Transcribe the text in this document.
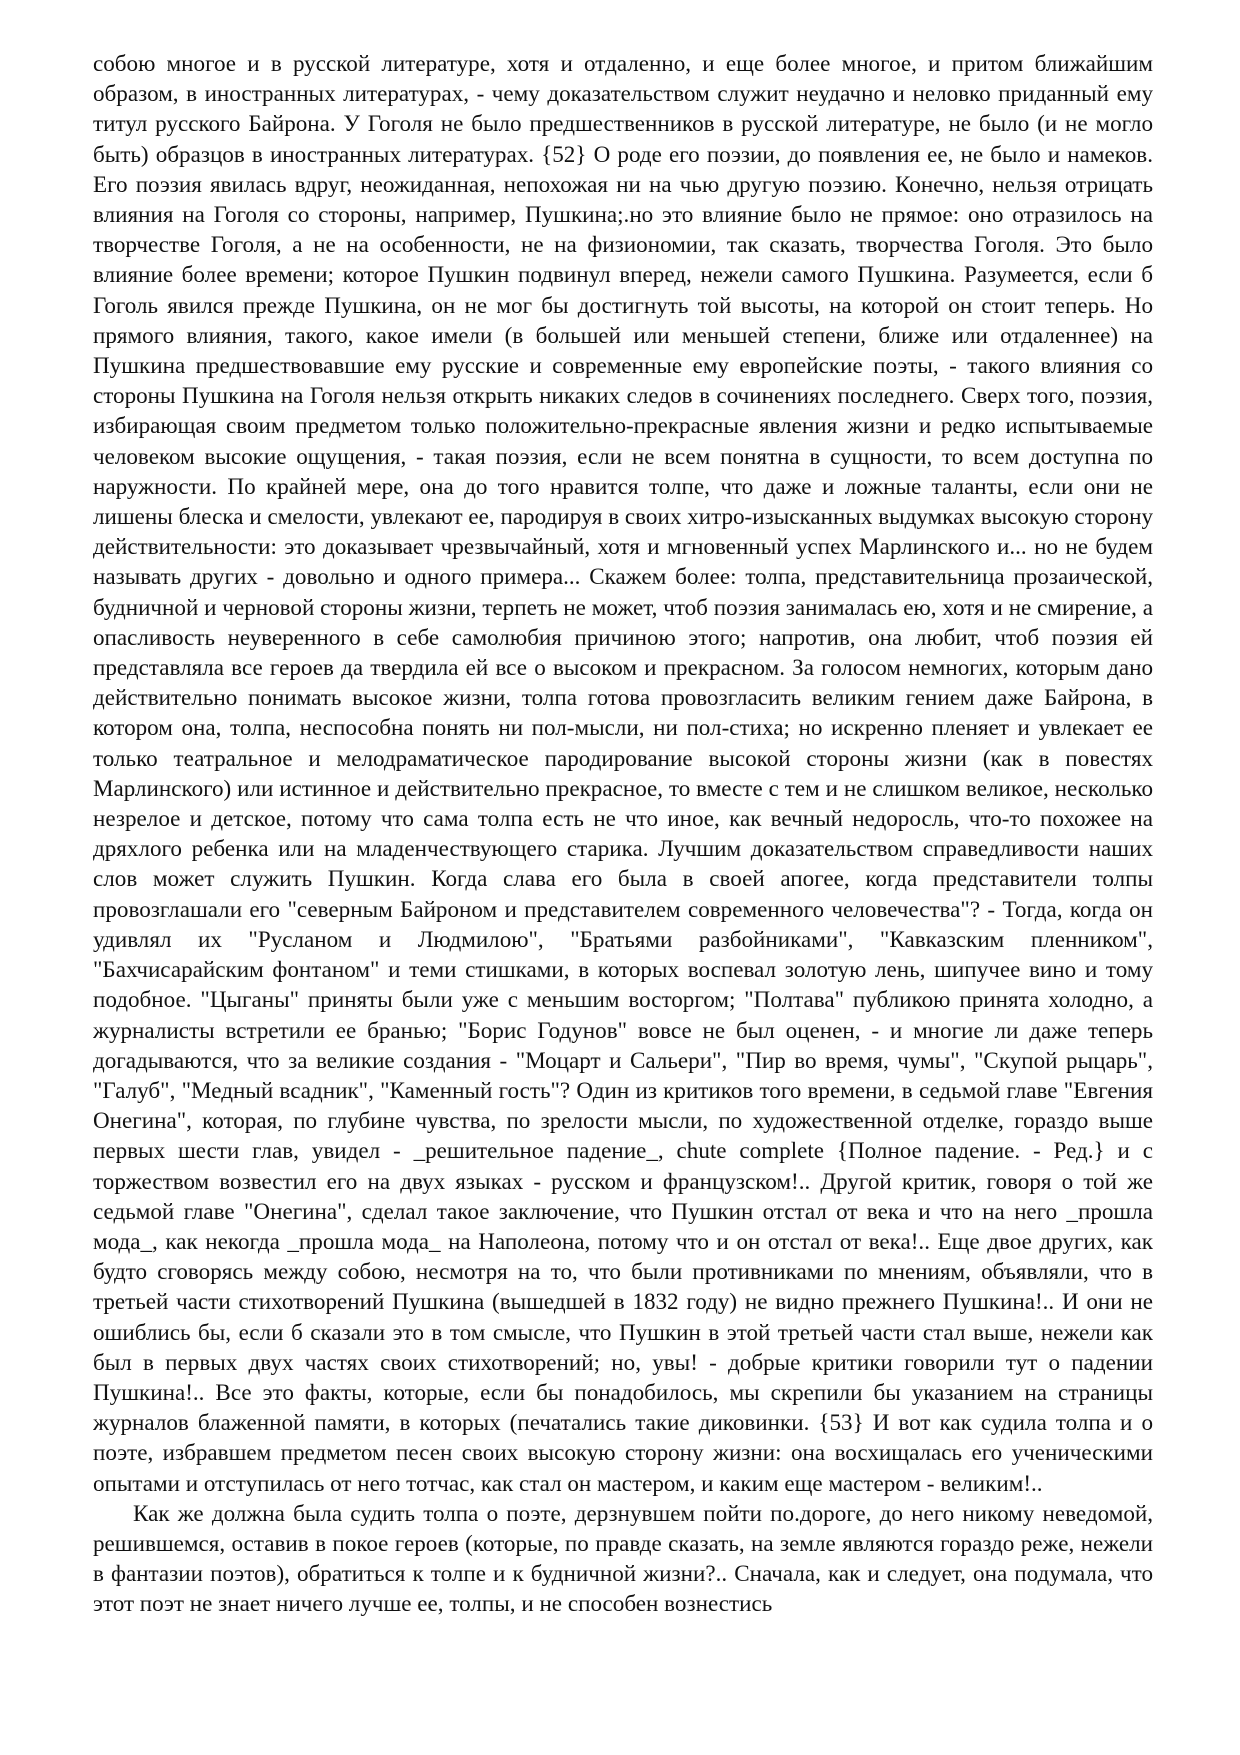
собою многое и в русской литературе, хотя и отдаленно, и еще более многое, и притом ближайшим образом, в иностранных литературах, - чему доказательством служит неудачно и неловко приданный ему титул русского Байрона. У Гоголя не было предшественников в русской литературе, не было (и не могло быть) образцов в иностранных литературах. {52} О роде его поэзии, до появления ее, не было и намеков. Его поэзия явилась вдруг, неожиданная, непохожая ни на чью другую поэзию. Конечно, нельзя отрицать влияния на Гоголя со стороны, например, Пушкина;.но это влияние было не прямое: оно отразилось на творчестве Гоголя, а не на особенности, не на физиономии, так сказать, творчества Гоголя. Это было влияние более времени; которое Пушкин подвинул вперед, нежели самого Пушкина. Разумеется, если б Гоголь явился прежде Пушкина, он не мог бы достигнуть той высоты, на которой он стоит теперь. Но прямого влияния, такого, какое имели (в большей или меньшей степени, ближе или отдаленнее) на Пушкина предшествовавшие ему русские и современные ему европейские поэты, - такого влияния со стороны Пушкина на Гоголя нельзя открыть никаких следов в сочинениях последнего. Сверх того, поэзия, избирающая своим предметом только положительно-прекрасные явления жизни и редко испытываемые человеком высокие ощущения, - такая поэзия, если не всем понятна в сущности, то всем доступна по наружности. По крайней мере, она до того нравится толпе, что даже и ложные таланты, если они не лишены блеска и смелости, увлекают ее, пародируя в своих хитро-изысканных выдумках высокую сторону действительности: это доказывает чрезвычайный, хотя и мгновенный успех Марлинского и... но не будем называть других - довольно и одного примера... Скажем более: толпа, представительница прозаической, будничной и черновой стороны жизни, терпеть не может, чтоб поэзия занималась ею, хотя и не смирение, а опасливость неуверенного в себе самолюбия причиною этого; напротив, она любит, чтоб поэзия ей представляла все героев да твердила ей все о высоком и прекрасном. За голосом немногих, которым дано действительно понимать высокое жизни, толпа готова провозгласить великим гением даже Байрона, в котором она, толпа, неспособна понять ни пол-мысли, ни пол-стиха; но искренно пленяет и увлекает ее только театральное и мелодраматическое пародирование высокой стороны жизни (как в повестях Марлинского) или истинное и действительно прекрасное, то вместе с тем и не слишком великое, несколько незрелое и детское, потому что сама толпа есть не что иное, как вечный недоросль, что-то похожее на дряхлого ребенка или на младенчествующего старика. Лучшим доказательством справедливости наших слов может служить Пушкин. Когда слава его была в своей апогее, когда представители толпы провозглашали его "северным Байроном и представителем современного человечества"? - Тогда, когда он удивлял их "Русланом и Людмилою", "Братьями разбойниками", "Кавказским пленником", "Бахчисарайским фонтаном" и теми стишками, в которых воспевал золотую лень, шипучее вино и тому подобное. "Цыганы" приняты были уже с меньшим восторгом; "Полтава" публикою принята холодно, а журналисты встретили ее бранью; "Борис Годунов" вовсе не был оценен, - и многие ли даже теперь догадываются, что за великие создания - "Моцарт и Сальери", "Пир во время, чумы", "Скупой рыцарь", "Галуб", "Медный всадник", "Каменный гость"? Один из критиков того времени, в седьмой главе "Евгения Онегина", которая, по глубине чувства, по зрелости мысли, по художественной отделке, гораздо выше первых шести глав, увидел - _решительное падение_, chute complete {Полное падение. - Ред.} и с торжеством возвестил его на двух языках - русском и французском!.. Другой критик, говоря о той же седьмой главе "Онегина", сделал такое заключение, что Пушкин отстал от века и что на него _прошла мода_, как некогда _прошла мода_ на Наполеона, потому что и он отстал от века!.. Еще двое других, как будто сговорясь между собою, несмотря на то, что были противниками по мнениям, объявляли, что в третьей части стихотворений Пушкина (вышедшей в 1832 году) не видно прежнего Пушкина!.. И они не ошиблись бы, если б сказали это в том смысле, что Пушкин в этой третьей части стал выше, нежели как был в первых двух частях своих стихотворений; но, увы! - добрые критики говорили тут о падении Пушкина!.. Все это факты, которые, если бы понадобилось, мы скрепили бы указанием на страницы журналов блаженной памяти, в которых (печатались такие диковинки. {53} И вот как судила толпа и о поэте, избравшем предметом песен своих высокую сторону жизни: она восхищалась его ученическими опытами и отступилась от него тотчас, как стал он мастером, и каким еще мастером - великим!..

Как же должна была судить толпа о поэте, дерзнувшем пойти по.дороге, до него никому неведомой, решившемся, оставив в покое героев (которые, по правде сказать, на земле являются гораздо реже, нежели в фантазии поэтов), обратиться к толпе и к будничной жизни?.. Сначала, как и следует, она подумала, что этот поэт не знает ничего лучше ее, толпы, и не способен вознестись
